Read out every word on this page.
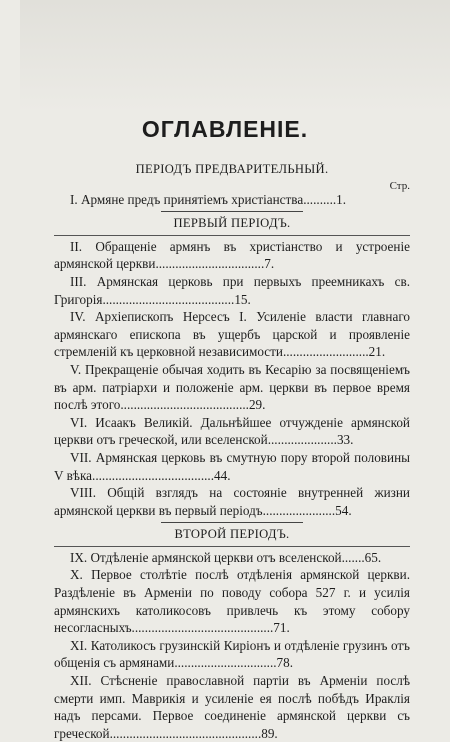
ОГЛАВЛЕНІЕ.
ПЕРІОДЪ ПРЕДВАРИТЕЛЬНЫЙ.
Стр.

I. Армяне предъ принятіемъ христіанства..........1.

ПЕРВЫЙ ПЕРІОДЪ.

II. Обращеніе армянъ въ христіанство и устроеніе армянской церкви.................................7.

III. Армянская церковь при первыхъ преемникахъ св. Григорія........................................15.

IV. Архіепископъ Нерсесъ I. Усиленіе власти главнаго армянскаго епископа въ ущербъ царской и проявленіе стремленій къ церковной независимости..........................21.

V. Прекращеніе обычая ходить въ Кесарію за посвященіемъ въ арм. патріархи и положеніе арм. церкви въ первое время послѣ этого.......................................29.

VI. Исаакъ Великій. Дальнѣйшее отчужденіе армянской церкви отъ греческой, или вселенской.....................33.

VII. Армянская церковь въ смутную пору второй половины V вѣка.....................................44.

VIII. Общій взглядъ на состояніе внутренней жизни армянской церкви въ первый періодъ......................54.

ВТОРОЙ ПЕРІОДЪ.

IX. Отдѣленіе армянской церкви отъ вселенской.......65.

X. Первое столѣтіе послѣ отдѣленія армянской церкви. Раздѣленіе въ Арменіи по поводу собора 527 г. и усилія армянскихъ католикосовъ привлечь къ этому собору несогласныхъ...........................................71.

XI. Католикосъ грузинскій Киріонъ и отдѣленіе грузинъ отъ общенія съ армянами...............................78.

XII. Стѣсненіе православной партіи въ Арменіи послѣ смерти имп. Маврикія и усиленіе ея послѣ побѣдъ Ираклія надъ персами. Первое соединеніе армянской церкви съ греческой..............................................89.
